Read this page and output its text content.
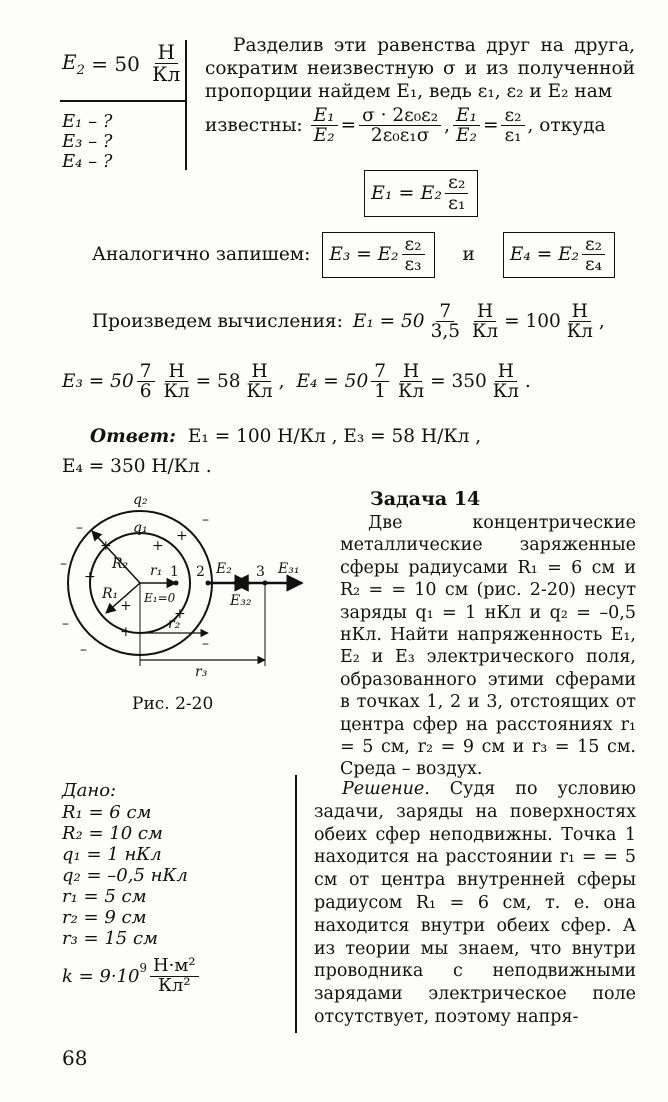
$E_2 = 50 \frac{Н}{Кл}$
E₁ – ?
E₃ – ?
E₄ – ?
Разделив эти равенства друг на друга, сократим неизвестную σ и из полученной пропорции найдем E₁, ведь ε₁, ε₂ и E₂ нам
известны: $\frac{\text{E₁}}{\text{E₂}} = \frac{\text{σ · 2ε₀ε₂}}{\text{2ε₀ε₁σ}}$ , $\frac{\text{E₁}}{\text{E₂}} = \frac{\text{ε₂}}{\text{ε₁}}$ , откуда
$E_1 = E_2 \frac{\text{ε₂}}{\text{ε₁}}$
Аналогично запишем: $E_3 = E_2 \frac{\text{ε₂}}{\text{ε₃}}$ и $E_4 = E_2 \frac{\text{ε₂}}{\text{ε₄}}$
Произведем вычисления: $E_1 = 50 \frac{7}{3,5} \frac{Н}{Кл} = 100 \frac{Н}{Кл}$ ,
$E_3 = 50 \frac{7}{6} \frac{Н}{Кл} = 58 \frac{Н}{Кл}$ , $E_4 = 50 \frac{7}{1} \frac{Н}{Кл} = 350 \frac{Н}{Кл}$ .
Ответ: E₁ = 100 Н/Кл , E₃ = 58 Н/Кл ,
E₄ = 350 Н/Кл .
q₂
q₁
R₂
R₁
r₁
r₂
r₃
E₂	E₃₁
E₃₂
E₁=0
1 2	3
+
+
+
+
+
+
+
–
–
–
–
–
–
Рис. 2-20
Задача 14
Две концентрические металлические заряженные сферы радиусами R₁ = 6 см и R₂ = = 10 см (рис. 2-20) несут заряды q₁ = 1 нКл и q₂ = –0,5 нКл. Найти напряженность E₁, E₂ и E₃ электрического поля, образованного этими сферами в точках 1, 2 и 3, отстоящих от центра сфер на расстояниях r₁ = 5 см, r₂ = 9 см и r₃ = 15 см. Среда – воздух.
Дано:
R₁ = 6 см
R₂ = 10 см
q₁ = 1 нКл
q₂ = –0,5 нКл
r₁ = 5 см
r₂ = 9 см
r₃ = 15 см
$k = 9\cdot 10^9 \frac{\text{Н·м²}}{\text{Кл²}}$
Решение. Судя по условию задачи, заряды на поверхностях обеих сфер неподвижны. Точка 1 находится на расстоянии r₁ = = 5 см от центра внутренней сферы радиусом R₁ = 6 см, т. е. она находится внутри обеих сфер. А из теории мы знаем, что внутри проводника с неподвижными зарядами электрическое поле отсутствует, поэтому напря-
68
